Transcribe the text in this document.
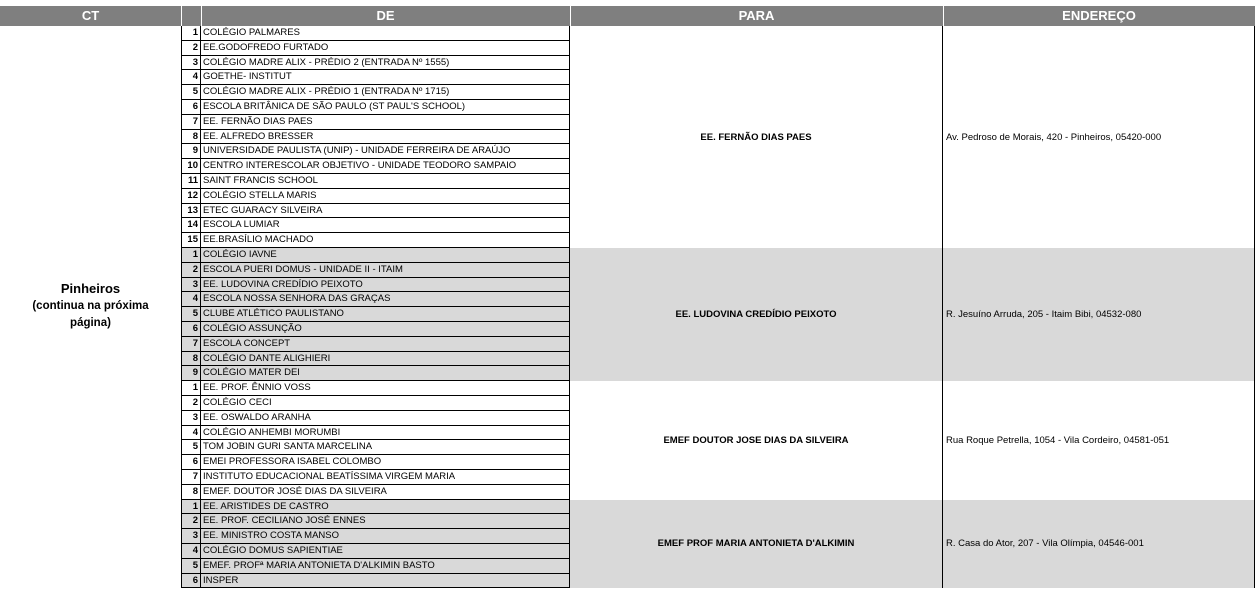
CT	DE	PARA	ENDEREÇO
Pinheiros
(continua na próxima página)
1 COLÉGIO PALMARES
2 EE.GODOFREDO FURTADO
3 COLÉGIO MADRE ALIX - PRÉDIO 2 (ENTRADA Nº 1555)
4 GOETHE- INSTITUT
5 COLÉGIO MADRE ALIX - PRÉDIO 1 (ENTRADA Nº 1715)
6 ESCOLA BRITÂNICA DE SÃO PAULO (ST PAUL'S SCHOOL)
7 EE. FERNÃO DIAS PAES
8 EE. ALFREDO BRESSER
9 UNIVERSIDADE PAULISTA (UNIP) - UNIDADE FERREIRA DE ARAÚJO
10 CENTRO INTERESCOLAR OBJETIVO - UNIDADE TEODORO SAMPAIO
11 SAINT FRANCIS SCHOOL
12 COLÉGIO STELLA MARIS
13 ETEC GUARACY SILVEIRA
14 ESCOLA LUMIAR
15 EE.BRASÍLIO MACHADO
EE. FERNÃO DIAS PAES	Av. Pedroso de Morais, 420 - Pinheiros, 05420-000
1 COLÉGIO IAVNE
2 ESCOLA PUERI DOMUS - UNIDADE II - ITAIM
3 EE. LUDOVINA CREDÍDIO PEIXOTO
4 ESCOLA NOSSA SENHORA DAS GRAÇAS
5 CLUBE ATLÉTICO PAULISTANO
6 COLÉGIO ASSUNÇÃO
7 ESCOLA CONCEPT
8 COLÉGIO DANTE ALIGHIERI
9 COLÉGIO MATER DEI
EE. LUDOVINA CREDÍDIO PEIXOTO	R. Jesuíno Arruda, 205 - Itaim Bibi, 04532-080
1 EE. PROF. ÊNNIO VOSS
2 COLÉGIO CECI
3 EE. OSWALDO ARANHA
4 COLÉGIO ANHEMBI MORUMBI
5 TOM JOBIN GURI SANTA MARCELINA
6 EMEI PROFESSORA ISABEL COLOMBO
7 INSTITUTO EDUCACIONAL BEATÍSSIMA VIRGEM MARIA
8 EMEF. DOUTOR JOSÉ DIAS DA SILVEIRA
EMEF DOUTOR JOSE DIAS DA SILVEIRA	Rua Roque Petrella, 1054 - Vila Cordeiro, 04581-051
1 EE. ARISTIDES DE CASTRO
2 EE. PROF. CECILIANO JOSÉ ENNES
3 EE. MINISTRO COSTA MANSO
4 COLÉGIO DOMUS SAPIENTIAE
5 EMEF. PROFª MARIA ANTONIETA D'ALKIMIN BASTO
6 INSPER
EMEF PROF MARIA ANTONIETA D'ALKIMIN	R. Casa do Ator, 207 - Vila Olímpia, 04546-001
